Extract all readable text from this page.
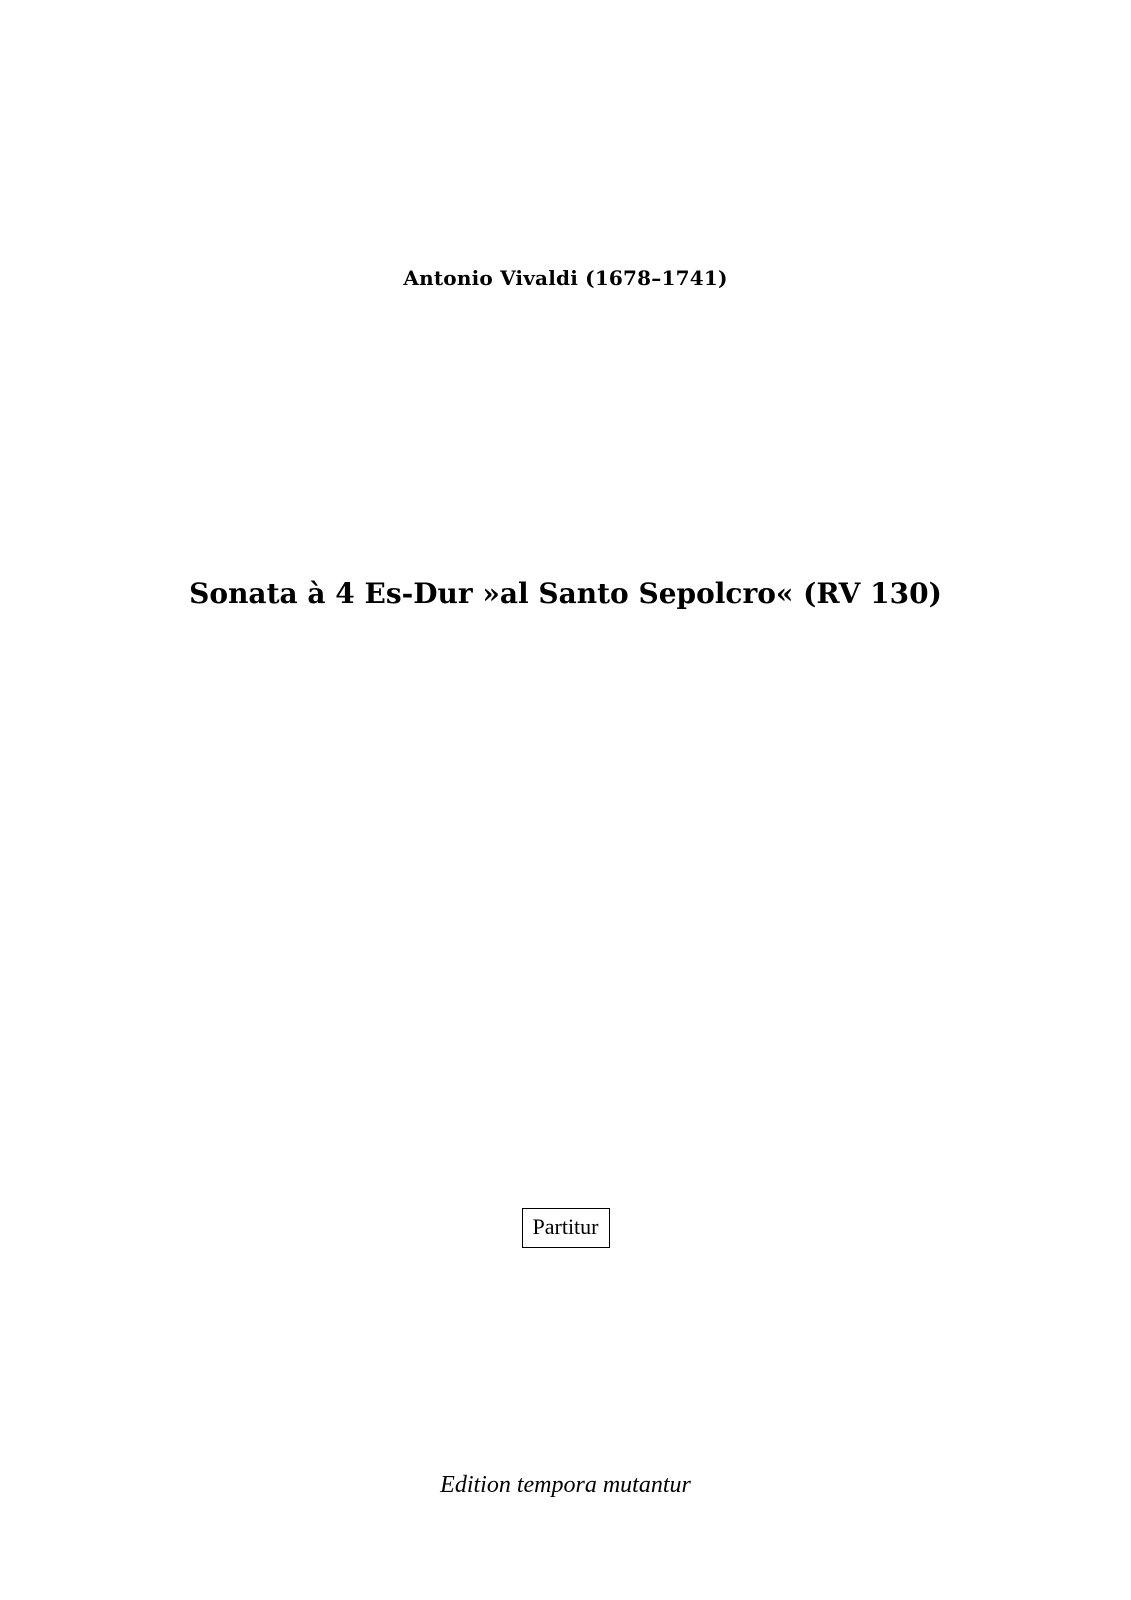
Antonio Vivaldi (1678–1741)
Sonata à 4 Es-Dur »al Santo Sepolcro« (RV 130)
Partitur
Edition tempora mutantur
